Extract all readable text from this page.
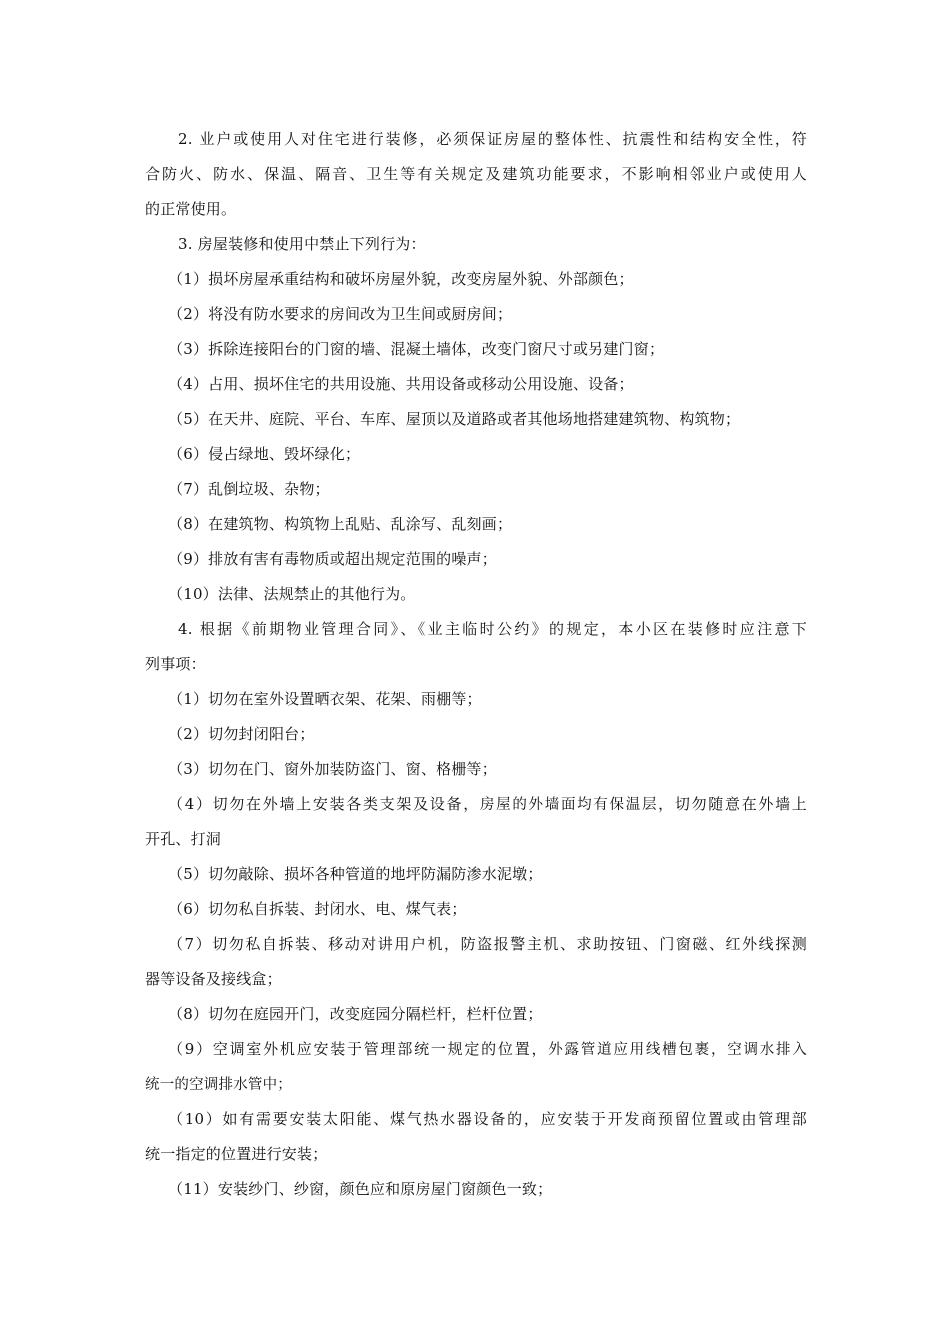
2. 业户或使用人对住宅进行装修，必须保证房屋的整体性、抗震性和结构安全性，符
合防火、防水、保温、隔音、卫生等有关规定及建筑功能要求，不影响相邻业户或使用人
的正常使用。
3. 房屋装修和使用中禁止下列行为：
（1）损坏房屋承重结构和破坏房屋外貌，改变房屋外貌、外部颜色；
（2）将没有防水要求的房间改为卫生间或厨房间；
（3）拆除连接阳台的门窗的墙、混凝土墙体，改变门窗尺寸或另建门窗；
（4）占用、损坏住宅的共用设施、共用设备或移动公用设施、设备；
（5）在天井、庭院、平台、车库、屋顶以及道路或者其他场地搭建建筑物、构筑物；
（6）侵占绿地、毁坏绿化；
（7）乱倒垃圾、杂物；
（8）在建筑物、构筑物上乱贴、乱涂写、乱刻画；
（9）排放有害有毒物质或超出规定范围的噪声；
（10）法律、法规禁止的其他行为。
4. 根据《前期物业管理合同》、《业主临时公约》的规定，本小区在装修时应注意下
列事项：
（1）切勿在室外设置晒衣架、花架、雨棚等；
（2）切勿封闭阳台；
（3）切勿在门、窗外加装防盗门、窗、格栅等；
（4）切勿在外墙上安装各类支架及设备，房屋的外墙面均有保温层，切勿随意在外墙上
开孔、打洞
（5）切勿敲除、损坏各种管道的地坪防漏防渗水泥墩；
（6）切勿私自拆装、封闭水、电、煤气表；
（7）切勿私自拆装、移动对讲用户机，防盗报警主机、求助按钮、门窗磁、红外线探测
器等设备及接线盒；
（8）切勿在庭园开门，改变庭园分隔栏杆，栏杆位置；
（9）空调室外机应安装于管理部统一规定的位置，外露管道应用线槽包裹，空调水排入
统一的空调排水管中；
（10）如有需要安装太阳能、煤气热水器设备的，应安装于开发商预留位置或由管理部
统一指定的位置进行安装；
（11）安装纱门、纱窗，颜色应和原房屋门窗颜色一致；
